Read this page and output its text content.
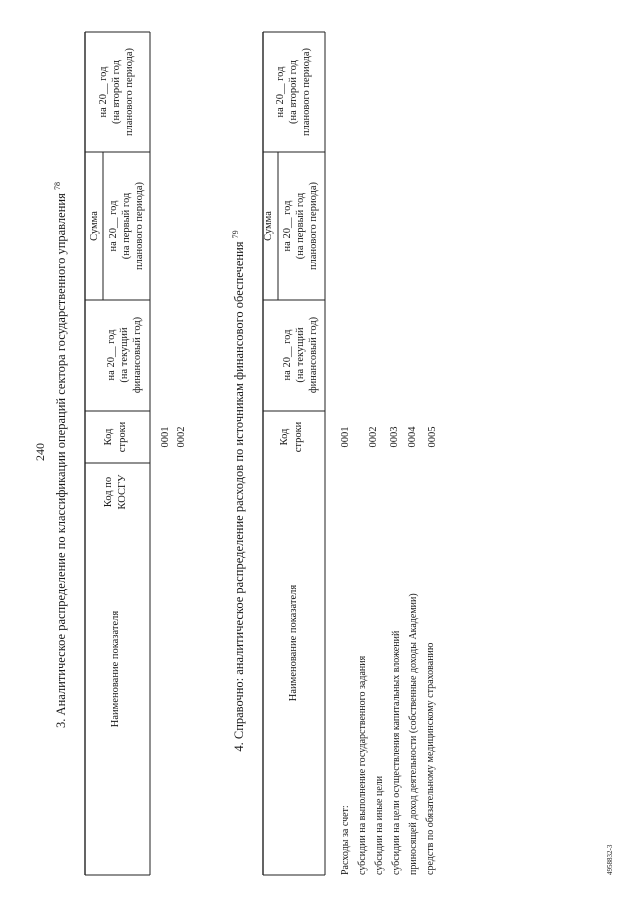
240 3. Аналитическое распределение по классификации операций сектора государственного управления $^{78}$
Наименование показателя
Код по КОСГУ
Код строки
Сумма
на 20__ год (на текущий финансовый год)
на 20__ год (на первый год планового периода)
на 20__ год (на второй год планового периода)
0001 0002	4. Справочно: аналитическое распределение расходов по источникам финансового обеспечения $^{79}$
Наименование показателя
Код строки
Сумма
на 20__ год (на текущий финансовый год)
на 20__ год (на первый год планового периода)
на 20__ год (на второй год планового периода)
Расходы за счет: субсидии на выполнение государственного задания субсидии на иные цели субсидии на цели осуществления капитальных вложений приносящей доход деятельности (собственные доходы Академии) средств по обязательному медицинскому страхованию
0001 0002 0003 0004 0005
4958832-3
